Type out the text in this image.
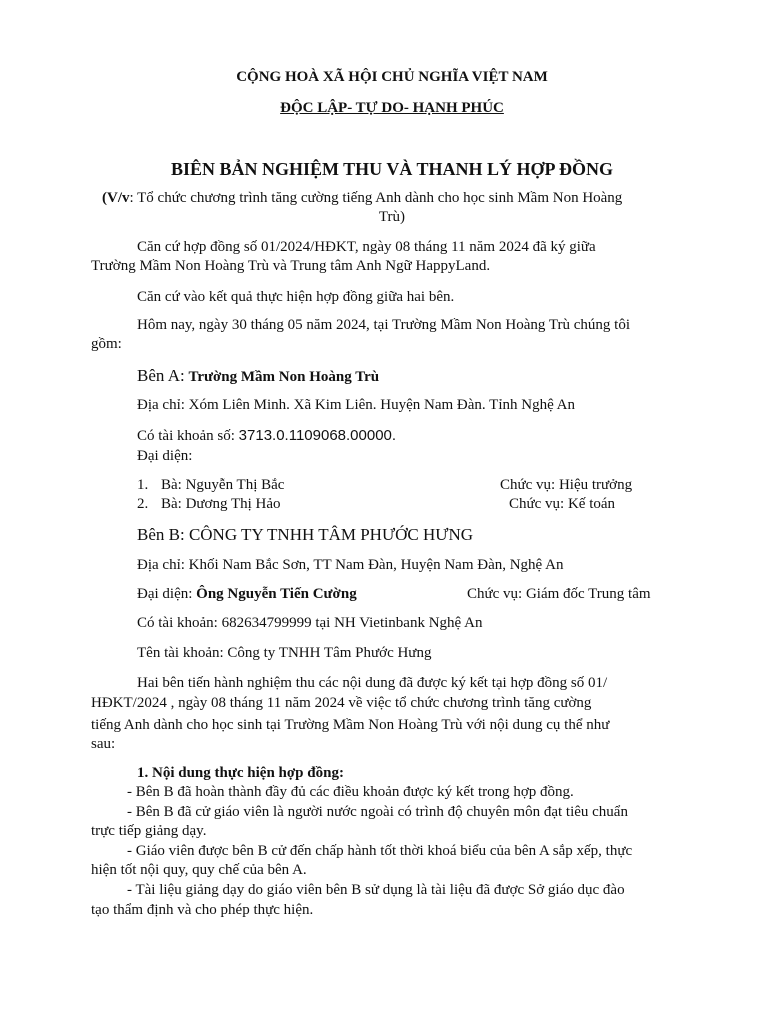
CỘNG HOÀ XÃ HỘI CHỦ NGHĨA VIỆT NAM
ĐỘC LẬP- TỰ DO- HẠNH PHÚC
BIÊN BẢN NGHIỆM THU VÀ THANH LÝ HỢP ĐỒNG
(V/v: Tổ chức chương trình tăng cường tiếng Anh dành cho học sinh Mầm Non Hoàng
Trù)
Căn cứ hợp đồng số 01/2024/HĐKT, ngày 08 tháng 11 năm 2024 đã ký giữa
Trường Mầm Non Hoàng Trù và Trung tâm Anh Ngữ HappyLand.
Căn cứ vào kết quả thực hiện hợp đồng giữa hai bên.
Hôm nay, ngày 30 tháng 05 năm 2024, tại Trường Mầm Non Hoàng Trù chúng tôi
gồm:
Bên A: Trường Mầm Non Hoàng Trù
Địa chỉ: Xóm Liên Minh. Xã Kim Liên. Huyện Nam Đàn. Tỉnh Nghệ An
Có tài khoản số: 3713.0.1109068.00000.
Đại diện:
1. Bà: Nguyễn Thị Bắc	Chức vụ: Hiệu trưởng
2. Bà: Dương Thị Hảo	Chức vụ: Kế toán
Bên B: CÔNG TY TNHH TÂM PHƯỚC HƯNG
Địa chỉ: Khối Nam Bắc Sơn, TT Nam Đàn, Huyện Nam Đàn, Nghệ An
Đại diện: Ông Nguyễn Tiến Cường	Chức vụ: Giám đốc Trung tâm
Có tài khoản: 682634799999 tại NH Vietinbank Nghệ An
Tên tài khoản: Công ty TNHH Tâm Phước Hưng
Hai bên tiến hành nghiệm thu các nội dung đã được ký kết tại hợp đồng số 01/
HĐKT/2024 , ngày 08 tháng 11 năm 2024 về việc tổ chức chương trình tăng cường
tiếng Anh dành cho học sinh tại Trường Mầm Non Hoàng Trù với nội dung cụ thể như
sau:
1. Nội dung thực hiện hợp đồng:
- Bên B đã hoàn thành đầy đủ các điều khoản được ký kết trong hợp đồng.
- Bên B đã cử giáo viên là người nước ngoài có trình độ chuyên môn đạt tiêu chuẩn
trực tiếp giảng dạy.
- Giáo viên được bên B cử đến chấp hành tốt thời khoá biểu của bên A sắp xếp, thực
hiện tốt nội quy, quy chế của bên A.
- Tài liệu giảng dạy do giáo viên bên B sử dụng là tài liệu đã được Sở giáo dục đào
tạo thẩm định và cho phép thực hiện.
